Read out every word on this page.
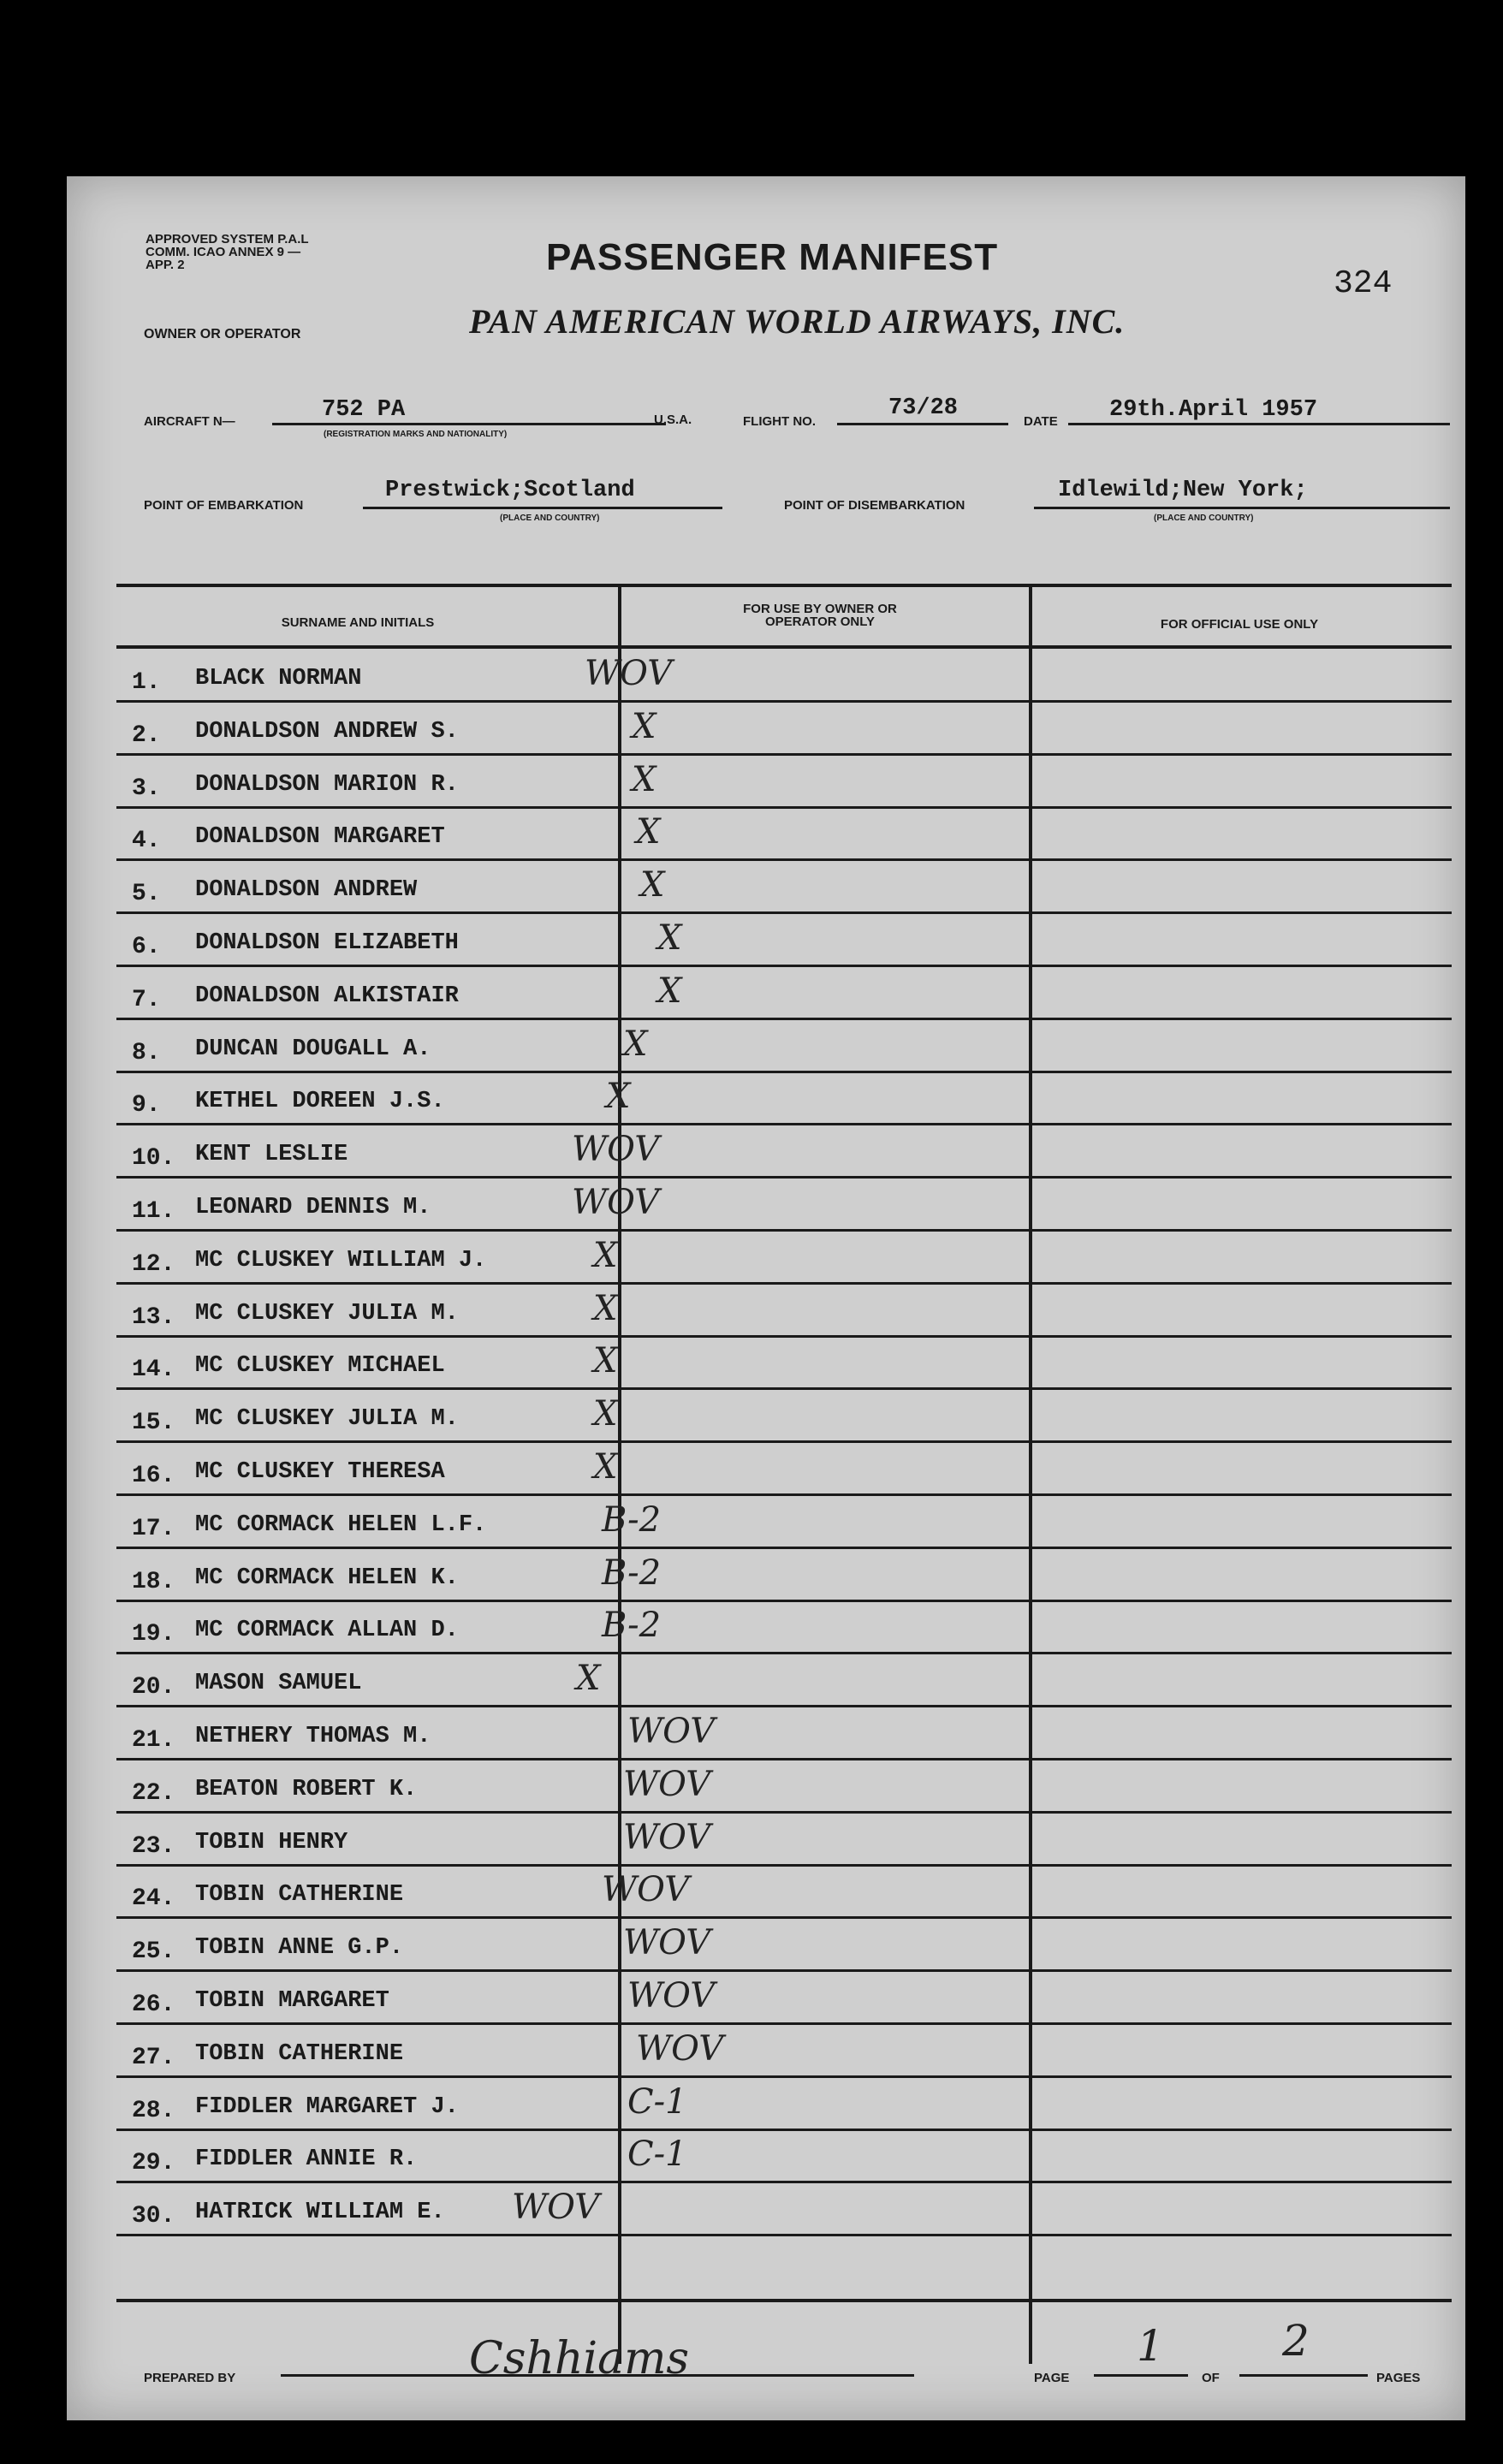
APPROVED SYSTEM P.A.L COMM. ICAO ANNEX 9 — APP. 2	PASSENGER MANIFEST
324
OWNER OR OPERATOR	PAN AMERICAN WORLD AIRWAYS, INC.
AIRCRAFT N—	752 PA
(REGISTRATION MARKS AND NATIONALITY)
U.S.A.	FLIGHT NO.
73/28
DATE 29th.April 1957
POINT OF EMBARKATION
Prestwick;Scotland
(PLACE AND COUNTRY)
POINT OF DISEMBARKATION
Idlewild;New York;
(PLACE AND COUNTRY)
SURNAME AND INITIALS
FOR USE BY OWNER OR OPERATOR ONLY	FOR OFFICIAL USE ONLY
1.	BLACK NORMAN	WOV
2.	DONALDSON ANDREW S.	X
3.	DONALDSON MARION R.	X
4.	DONALDSON MARGARET	X
5.	DONALDSON ANDREW	X
6.	DONALDSON ELIZABETH	X
7.	DONALDSON ALKISTAIR	X
8.	DUNCAN DOUGALL A.	X
9.	KETHEL DOREEN J.S.	X
10. KENT LESLIE	WOV
11. LEONARD DENNIS M.	WOV
12. MC CLUSKEY WILLIAM J.	X
13. MC CLUSKEY JULIA M.	X
14. MC CLUSKEY MICHAEL	X
15. MC CLUSKEY JULIA M.	X
16. MC CLUSKEY THERESA	X
17. MC CORMACK HELEN L.F.	B-2
18. MC CORMACK HELEN K.	B-2
19. MC CORMACK ALLAN D.	B-2
20. MASON SAMUEL	X
21. NETHERY THOMAS M.	WOV
22. BEATON ROBERT K.	WOV
23. TOBIN HENRY	WOV
24. TOBIN CATHERINE	WOV
25. TOBIN ANNE G.P.	WOV
26. TOBIN MARGARET	WOV
27. TOBIN CATHERINE	WOV
28. FIDDLER MARGARET J.	C-1
29. FIDDLER ANNIE R.	C-1
30. HATRICK WILLIAM E. WOV
PREPARED BY	Cshhiams	PAGE
1
OF
2
PAGES
